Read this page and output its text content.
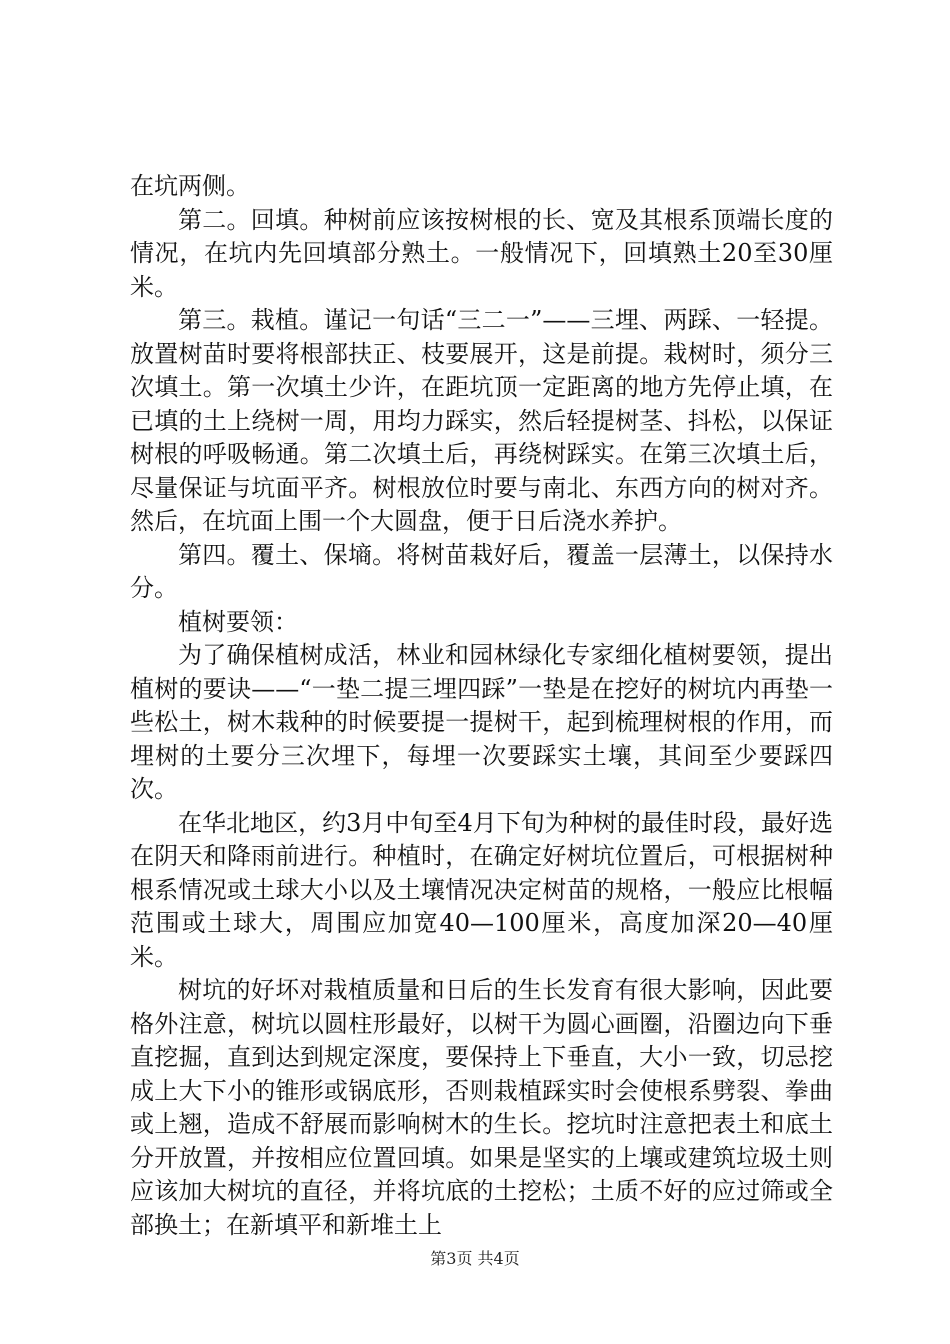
在坑两侧。

第二。回填。种树前应该按树根的长、宽及其根系顶端长度的情况，在坑内先回填部分熟土。一般情况下，回填熟土20至30厘米。

第三。栽植。谨记一句话“三二一”——三埋、两踩、一轻提。放置树苗时要将根部扶正、枝要展开，这是前提。栽树时，须分三次填土。第一次填土少许，在距坑顶一定距离的地方先停止填，在已填的土上绕树一周，用均力踩实，然后轻提树茎、抖松，以保证树根的呼吸畅通。第二次填土后，再绕树踩实。在第三次填土后，尽量保证与坑面平齐。树根放位时要与南北、东西方向的树对齐。然后，在坑面上围一个大圆盘，便于日后浇水养护。

第四。覆土、保墒。将树苗栽好后，覆盖一层薄土，以保持水分。

植树要领：

为了确保植树成活，林业和园林绿化专家细化植树要领，提出植树的要诀——“一垫二提三埋四踩”一垫是在挖好的树坑内再垫一些松土，树木栽种的时候要提一提树干，起到梳理树根的作用，而埋树的土要分三次埋下，每埋一次要踩实土壤，其间至少要踩四次。

在华北地区，约3月中旬至4月下旬为种树的最佳时段，最好选在阴天和降雨前进行。种植时，在确定好树坑位置后，可根据树种根系情况或土球大小以及土壤情况决定树苗的规格，一般应比根幅范围或土球大，周围应加宽40—100厘米，高度加深20—40厘米。

树坑的好坏对栽植质量和日后的生长发育有很大影响，因此要格外注意，树坑以圆柱形最好，以树干为圆心画圈，沿圈边向下垂直挖掘，直到达到规定深度，要保持上下垂直，大小一致，切忌挖成上大下小的锥形或锅底形，否则栽植踩实时会使根系劈裂、拳曲或上翘，造成不舒展而影响树木的生长。挖坑时注意把表土和底土分开放置，并按相应位置回填。如果是坚实的上壤或建筑垃圾土则应该加大树坑的直径，并将坑底的土挖松；土质不好的应过筛或全部换土；在新填平和新堆土上

第3页 共4页
